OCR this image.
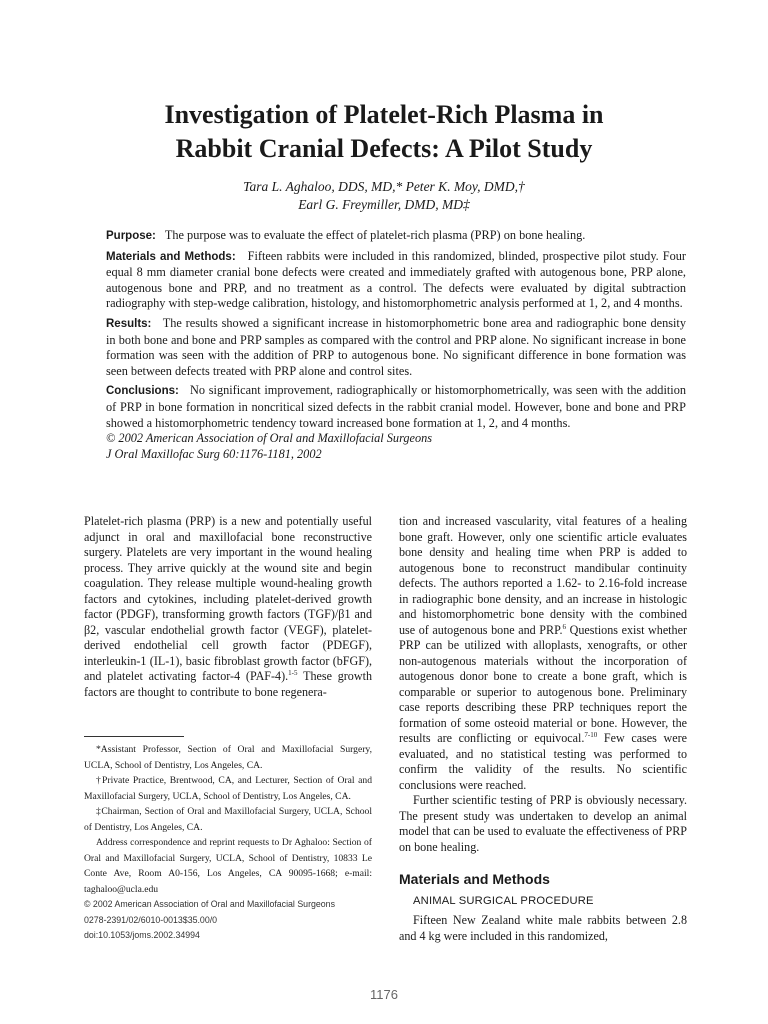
Investigation of Platelet-Rich Plasma in
Rabbit Cranial Defects: A Pilot Study
Tara L. Aghaloo, DDS, MD,* Peter K. Moy, DMD,†
Earl G. Freymiller, DMD, MD‡

Purpose: The purpose was to evaluate the effect of platelet-rich plasma (PRP) on bone healing.

Materials and Methods: Fifteen rabbits were included in this randomized, blinded, prospective pilot study. Four equal 8 mm diameter cranial bone defects were created and immediately grafted with autogenous bone, PRP alone, autogenous bone and PRP, and no treatment as a control. The defects were evaluated by digital subtraction radiography with step-wedge calibration, histology, and histomorphometric analysis performed at 1, 2, and 4 months.

Results: The results showed a significant increase in histomorphometric bone area and radiographic bone density in both bone and bone and PRP samples as compared with the control and PRP alone. No significant increase in bone formation was seen with the addition of PRP to autogenous bone. No significant difference in bone formation was seen between defects treated with PRP alone and control sites.

Conclusions: No significant improvement, radiographically or histomorphometrically, was seen with the addition of PRP in bone formation in noncritical sized defects in the rabbit cranial model. However, bone and bone and PRP showed a histomorphometric tendency toward increased bone formation at 1, 2, and 4 months.

© 2002 American Association of Oral and Maxillofacial Surgeons
J Oral Maxillofac Surg 60:1176-1181, 2002

Platelet-rich plasma (PRP) is a new and potentially useful adjunct in oral and maxillofacial bone reconstructive surgery. Platelets are very important in the wound healing process. They arrive quickly at the wound site and begin coagulation. They release multiple wound-healing growth factors and cytokines, including platelet-derived growth factor (PDGF), transforming growth factors (TGF)/β1 and β2, vascular endothelial growth factor (VEGF), platelet-derived endothelial cell growth factor (PDEGF), interleukin-1 (IL-1), basic fibroblast growth factor (bFGF), and platelet activating factor-4 (PAF-4).$^{1-5}$ These growth factors are thought to contribute to bone regenera-

*Assistant Professor, Section of Oral and Maxillofacial Surgery, UCLA, School of Dentistry, Los Angeles, CA.

†Private Practice, Brentwood, CA, and Lecturer, Section of Oral and Maxillofacial Surgery, UCLA, School of Dentistry, Los Angeles, CA.

‡Chairman, Section of Oral and Maxillofacial Surgery, UCLA, School of Dentistry, Los Angeles, CA.

Address correspondence and reprint requests to Dr Aghaloo: Section of Oral and Maxillofacial Surgery, UCLA, School of Dentistry, 10833 Le Conte Ave, Room A0-156, Los Angeles, CA 90095-1668; e-mail: taghaloo@ucla.edu

© 2002 American Association of Oral and Maxillofacial Surgeons
0278-2391/02/6010-0013$35.00/0
doi:10.1053/joms.2002.34994

tion and increased vascularity, vital features of a healing bone graft. However, only one scientific article evaluates bone density and healing time when PRP is added to autogenous bone to reconstruct mandibular continuity defects. The authors reported a 1.62- to 2.16-fold increase in radiographic bone density, and an increase in histologic and histomorphometric bone density with the combined use of autogenous bone and PRP.$^6$ Questions exist whether PRP can be utilized with alloplasts, xenografts, or other non-autogenous materials without the incorporation of autogenous donor bone to create a bone graft, which is comparable or superior to autogenous bone. Preliminary case reports describing these PRP techniques report the formation of some osteoid material or bone. However, the results are conflicting or equivocal.$^{7-10}$ Few cases were evaluated, and no statistical testing was performed to confirm the validity of the results. No scientific conclusions were reached.

Further scientific testing of PRP is obviously necessary. The present study was undertaken to develop an animal model that can be used to evaluate the effectiveness of PRP on bone healing.

Materials and Methods
ANIMAL SURGICAL PROCEDURE

Fifteen New Zealand white male rabbits between 2.8 and 4 kg were included in this randomized,

1176
